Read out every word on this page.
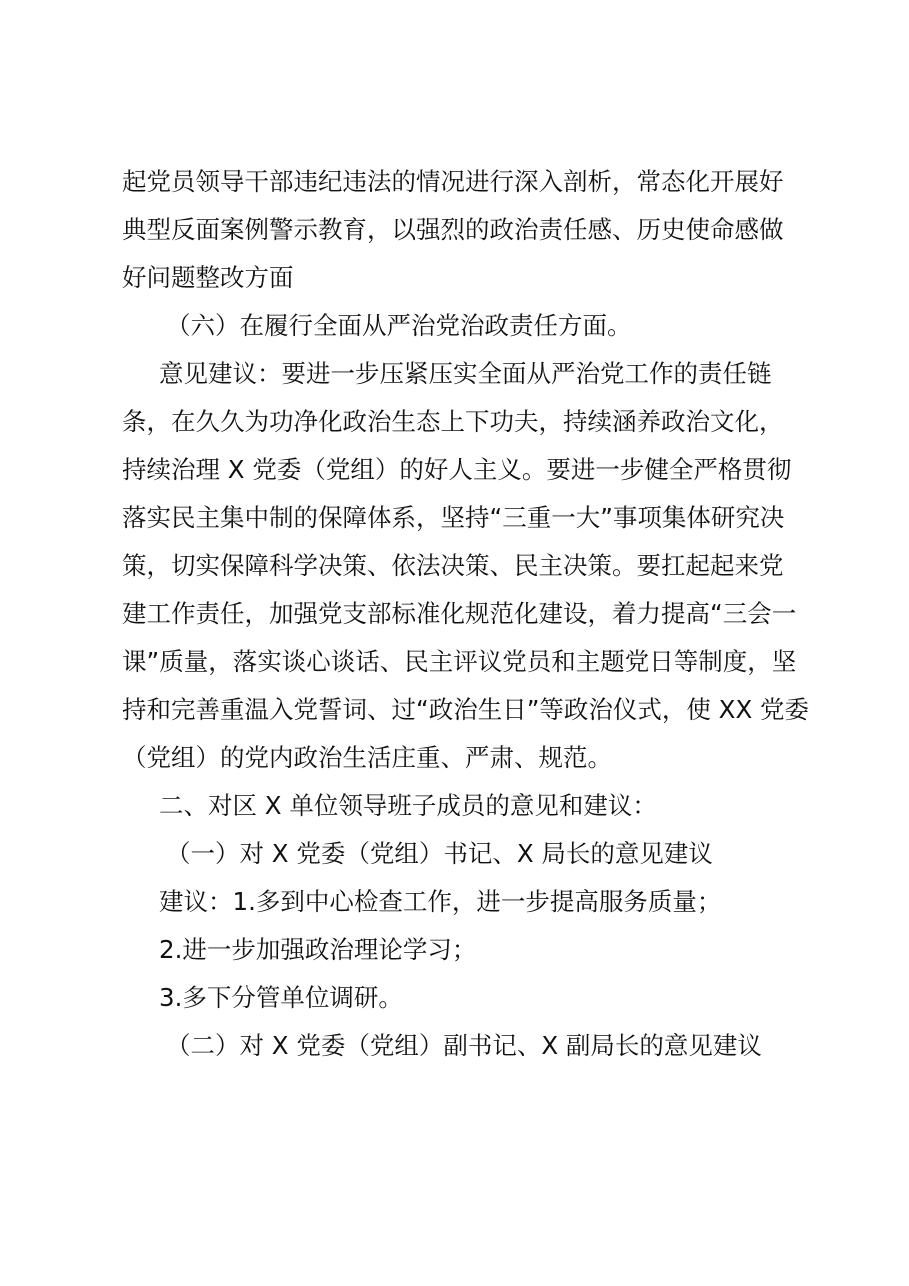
起党员领导干部违纪违法的情况进行深入剖析，常态化开展好
典型反面案例警示教育，以强烈的政治责任感、历史使命感做
好问题整改方面
（六）在履行全面从严治党治政责任方面。
意见建议：要进一步压紧压实全面从严治党工作的责任链
条，在久久为功净化政治生态上下功夫，持续涵养政治文化，
持续治理 X 党委（党组）的好人主义。要进一步健全严格贯彻
落实民主集中制的保障体系，坚持“三重一大”事项集体研究决
策，切实保障科学决策、依法决策、民主决策。要扛起起来党
建工作责任，加强党支部标准化规范化建设，着力提高“三会一
课”质量，落实谈心谈话、民主评议党员和主题党日等制度，坚
持和完善重温入党誓词、过“政治生日”等政治仪式，使 XX 党委
（党组）的党内政治生活庄重、严肃、规范。
二、对区 X 单位领导班子成员的意见和建议：
（一）对 X 党委（党组）书记、X 局长的意见建议
建议：1.多到中心检查工作，进一步提高服务质量；
2.进一步加强政治理论学习；
3.多下分管单位调研。
（二）对 X 党委（党组）副书记、X 副局长的意见建议
